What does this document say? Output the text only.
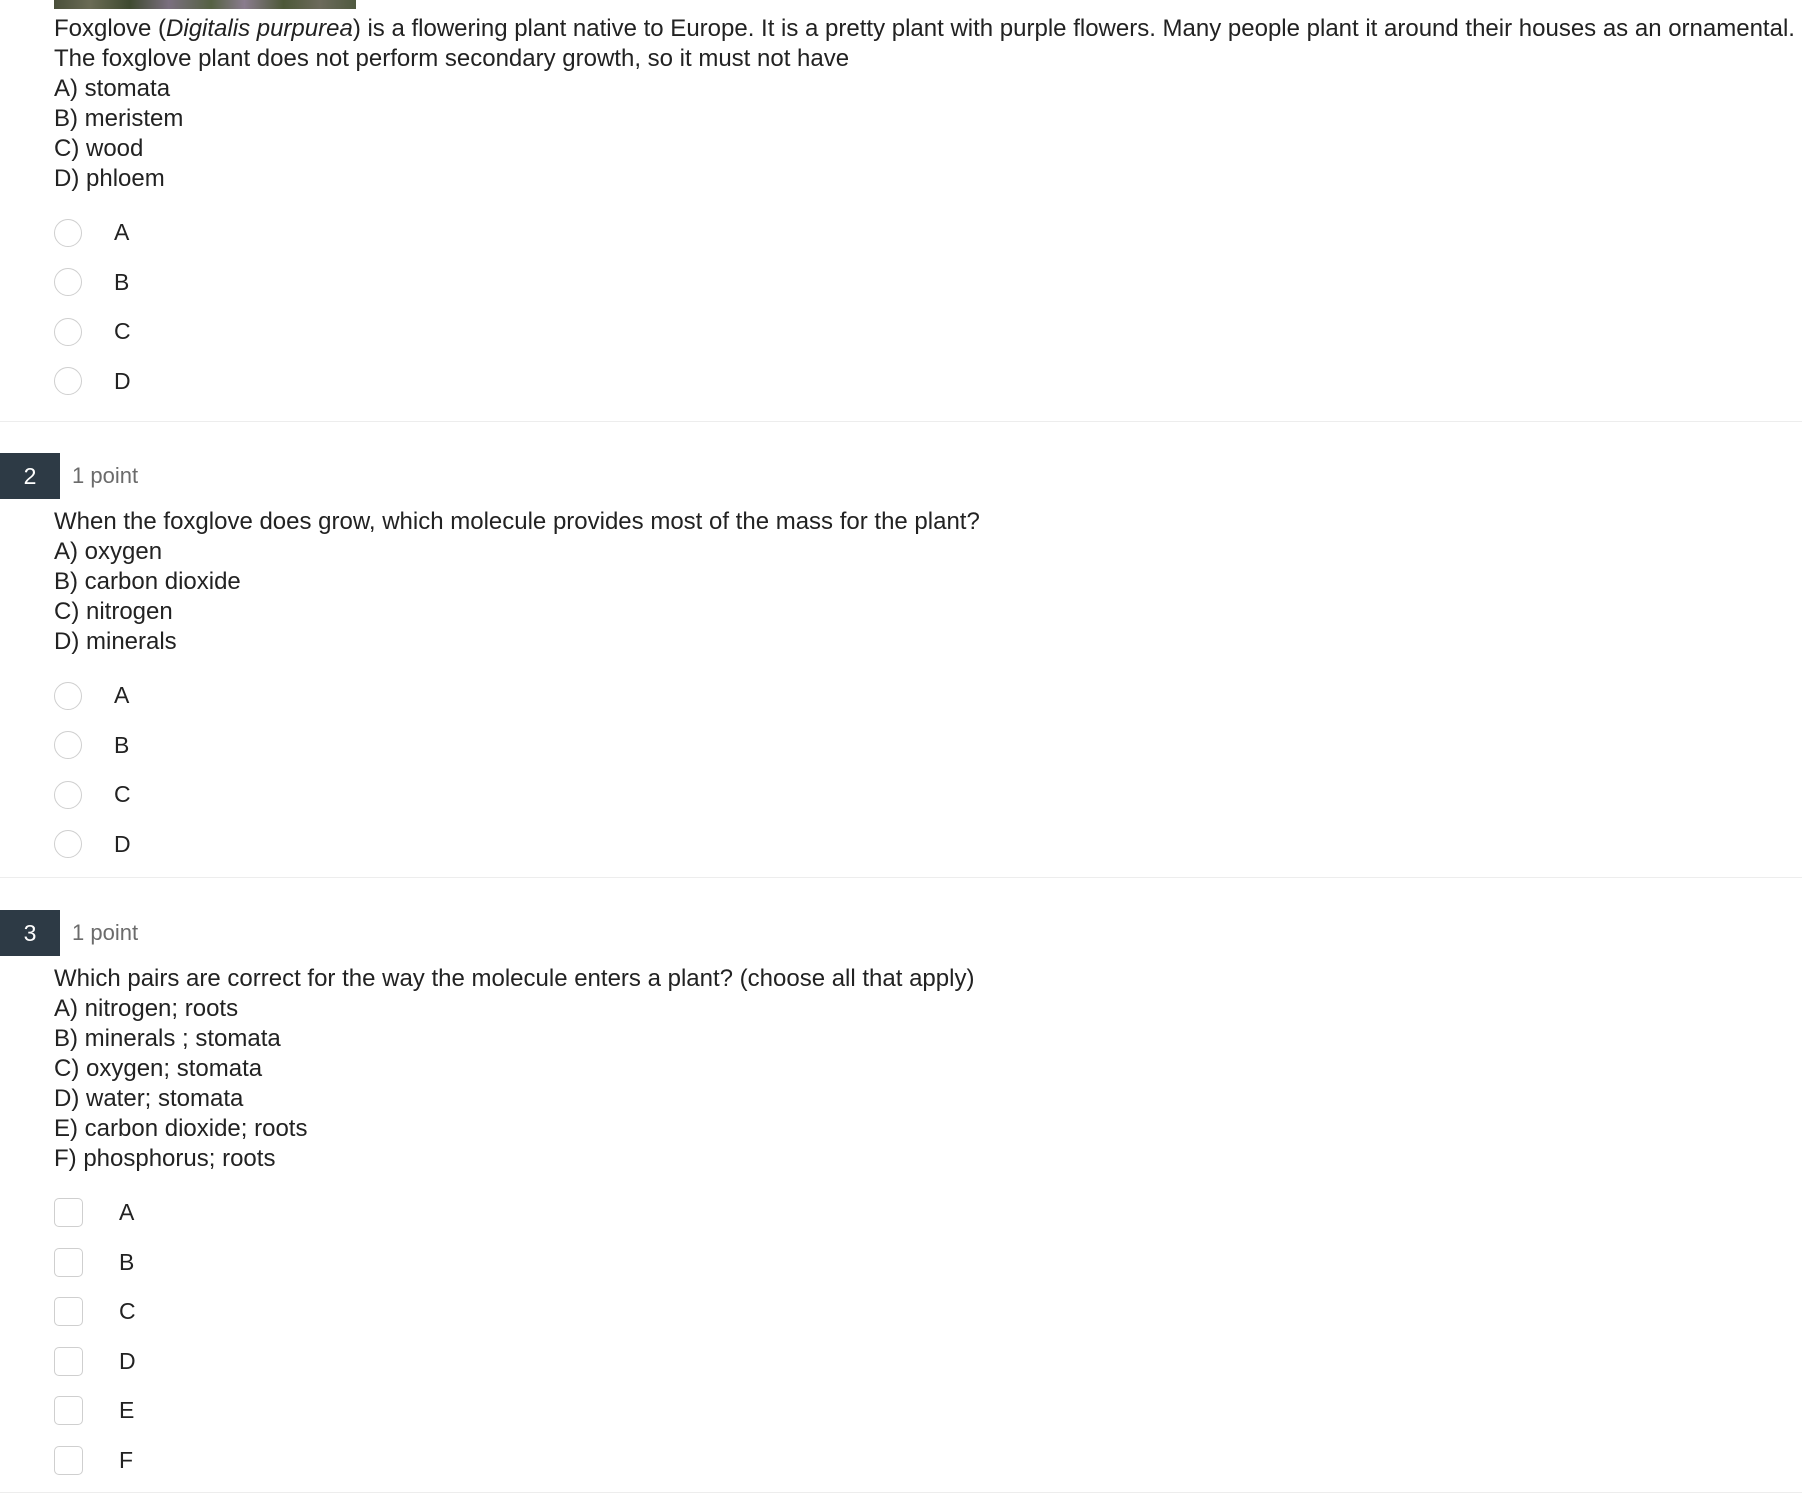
Foxglove (Digitalis purpurea) is a flowering plant native to Europe. It is a pretty plant with purple flowers. Many people plant it around their houses as an ornamental.

The foxglove plant does not perform secondary growth, so it must not have

A) stomata

B) meristem

C) wood

D) phloem

A
B
C
D
2	1 point

When the foxglove does grow, which molecule provides most of the mass for the plant?

A) oxygen

B) carbon dioxide

C) nitrogen

D) minerals

A
B
C
D
3	1 point

Which pairs are correct for the way the molecule enters a plant? (choose all that apply)

A) nitrogen; roots

B) minerals ; stomata

C) oxygen; stomata

D) water; stomata

E) carbon dioxide; roots

F) phosphorus; roots

A
B
C
D
E
F
